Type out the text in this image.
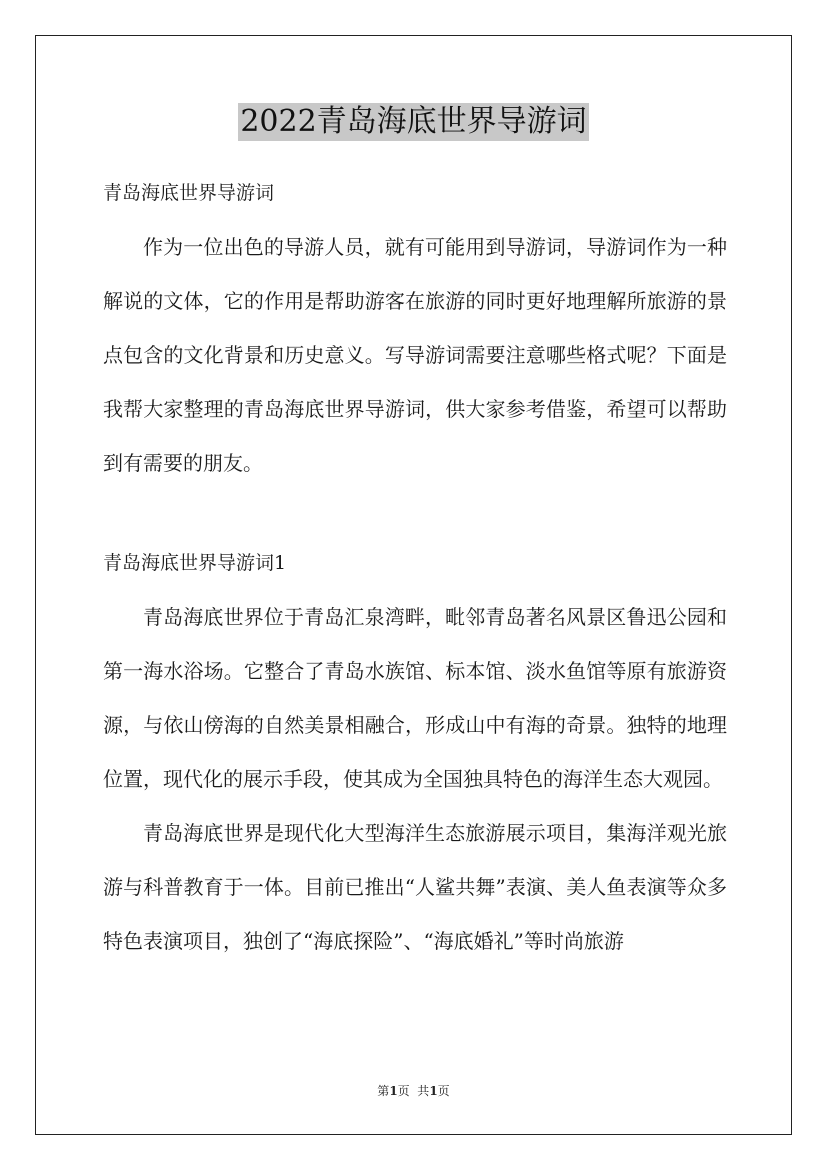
2022青岛海底世界导游词

青岛海底世界导游词

作为一位出色的导游人员，就有可能用到导游词，导游词作为一种解说的文体，它的作用是帮助游客在旅游的同时更好地理解所旅游的景点包含的文化背景和历史意义。写导游词需要注意哪些格式呢？下面是我帮大家整理的青岛海底世界导游词，供大家参考借鉴，希望可以帮助到有需要的朋友。

青岛海底世界导游词1

青岛海底世界位于青岛汇泉湾畔，毗邻青岛著名风景区鲁迅公园和第一海水浴场。它整合了青岛水族馆、标本馆、淡水鱼馆等原有旅游资源，与依山傍海的自然美景相融合，形成山中有海的奇景。独特的地理位置，现代化的展示手段，使其成为全国独具特色的海洋生态大观园。

青岛海底世界是现代化大型海洋生态旅游展示项目，集海洋观光旅游与科普教育于一体。目前已推出“人鲨共舞”表演、美人鱼表演等众多特色表演项目，独创了“海底探险”、“海底婚礼”等时尚旅游

第1页  共1页
